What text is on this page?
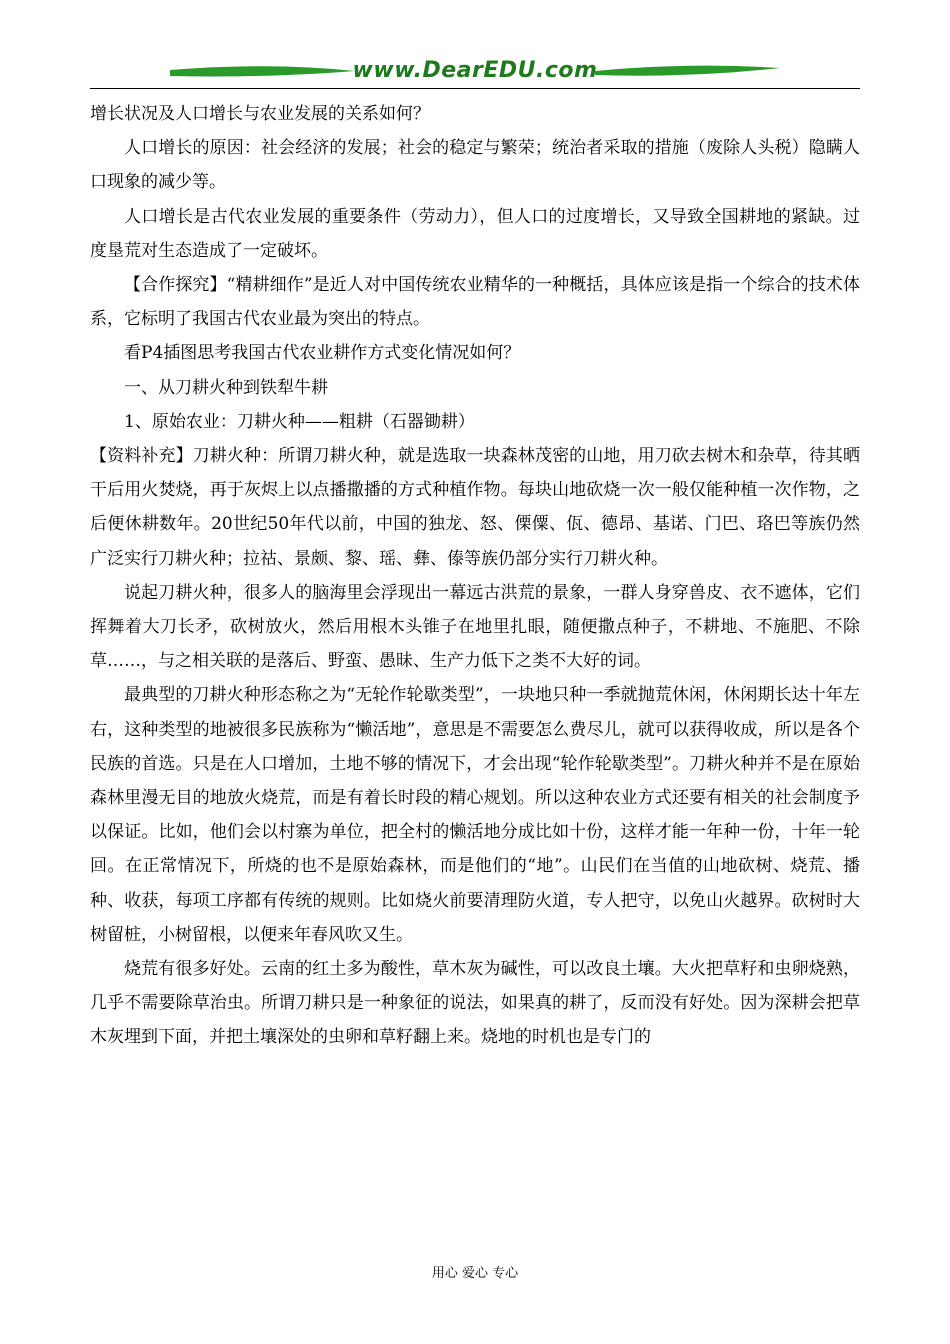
www.DearEDU.com

增长状况及人口增长与农业发展的关系如何？

人口增长的原因：社会经济的发展；社会的稳定与繁荣；统治者采取的措施（废除人头税）隐瞒人口现象的减少等。

人口增长是古代农业发展的重要条件（劳动力），但人口的过度增长，又导致全国耕地的紧缺。过度垦荒对生态造成了一定破坏。

【合作探究】“精耕细作”是近人对中国传统农业精华的一种概括，具体应该是指一个综合的技术体系，它标明了我国古代农业最为突出的特点。

看P4插图思考我国古代农业耕作方式变化情况如何？

一、从刀耕火种到铁犁牛耕

1、原始农业：刀耕火种——粗耕（石器锄耕）

【资料补充】刀耕火种：所谓刀耕火种，就是选取一块森林茂密的山地，用刀砍去树木和杂草，待其晒干后用火焚烧，再于灰烬上以点播撒播的方式种植作物。每块山地砍烧一次一般仅能种植一次作物，之后便休耕数年。20世纪50年代以前，中国的独龙、怒、傈僳、佤、德昂、基诺、门巴、珞巴等族仍然广泛实行刀耕火种；拉祜、景颇、黎、瑶、彝、傣等族仍部分实行刀耕火种。

说起刀耕火种，很多人的脑海里会浮现出一幕远古洪荒的景象，一群人身穿兽皮、衣不遮体，它们挥舞着大刀长矛，砍树放火，然后用根木头锥子在地里扎眼，随便撒点种子，不耕地、不施肥、不除草……，与之相关联的是落后、野蛮、愚昧、生产力低下之类不大好的词。

最典型的刀耕火种形态称之为“无轮作轮歇类型”，一块地只种一季就抛荒休闲，休闲期长达十年左右，这种类型的地被很多民族称为“懒活地”，意思是不需要怎么费尽儿，就可以获得收成，所以是各个民族的首选。只是在人口增加，土地不够的情况下，才会出现“轮作轮歇类型”。刀耕火种并不是在原始森林里漫无目的地放火烧荒，而是有着长时段的精心规划。所以这种农业方式还要有相关的社会制度予以保证。比如，他们会以村寨为单位，把全村的懒活地分成比如十份，这样才能一年种一份，十年一轮回。在正常情况下，所烧的也不是原始森林，而是他们的“地”。山民们在当值的山地砍树、烧荒、播种、收获，每项工序都有传统的规则。比如烧火前要清理防火道，专人把守，以免山火越界。砍树时大树留桩，小树留根，以便来年春风吹又生。

烧荒有很多好处。云南的红土多为酸性，草木灰为碱性，可以改良土壤。大火把草籽和虫卵烧熟，几乎不需要除草治虫。所谓刀耕只是一种象征的说法，如果真的耕了，反而没有好处。因为深耕会把草木灰埋到下面，并把土壤深处的虫卵和草籽翻上来。烧地的时机也是专门的

用心 爱心 专心
